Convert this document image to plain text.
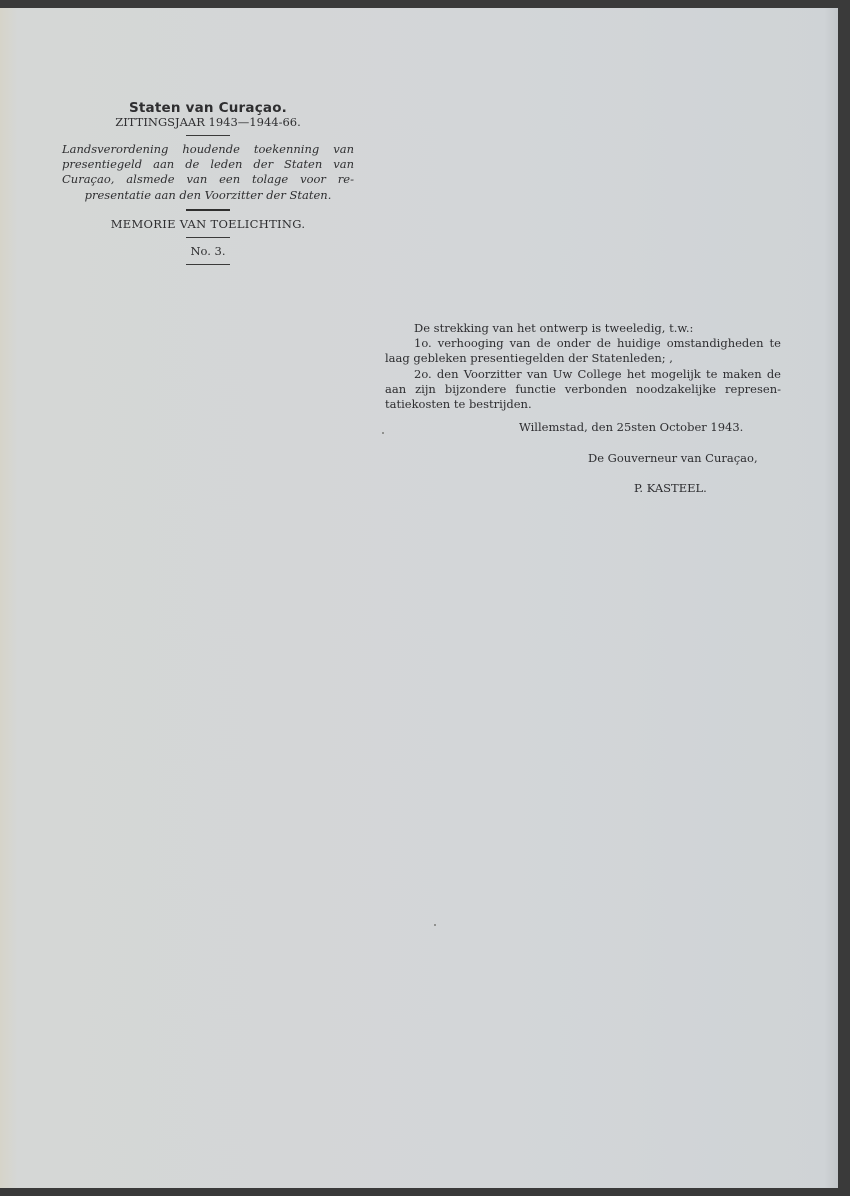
Staten van Curaçao.
ZITTINGSJAAR 1943—1944-66.
Landsverordening houdende toekenning van presentiegeld aan de leden der Staten van Curaçao, alsmede van een tolage voor representatie aan den Voorzitter der Staten.
MEMORIE VAN TOELICHTING.
No. 3.

De strekking van het ontwerp is tweeledig, t.w.:

1o. verhooging van de onder de huidige omstandigheden te laag gebleken presentiegelden der Statenleden; ,

2o. den Voorzitter van Uw College het mogelijk te maken de aan zijn bijzondere functie verbonden noodzakelijke representatiekosten te bestrijden.

Willemstad, den 25sten October 1943.
De Gouverneur van Curaçao,
P. KASTEEL.
